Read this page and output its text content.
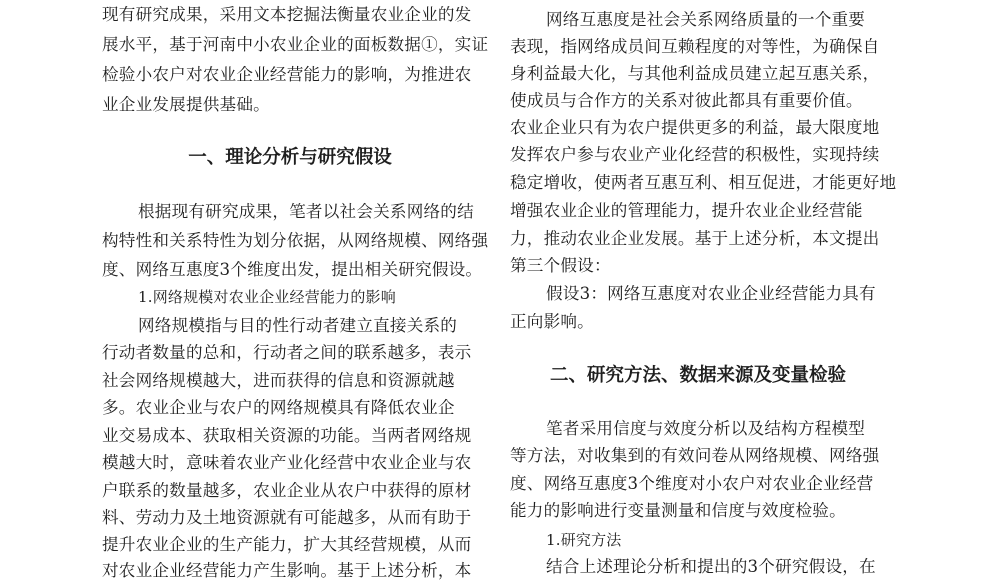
现有研究成果，采用文本挖掘法衡量农业企业的发
展水平，基于河南中小农业企业的面板数据①，实证
检验小农户对农业企业经营能力的影响，为推进农
业企业发展提供基础。
一、理论分析与研究假设
根据现有研究成果，笔者以社会关系网络的结
构特性和关系特性为划分依据，从网络规模、网络强
度、网络互惠度3个维度出发，提出相关研究假设。
1.网络规模对农业企业经营能力的影响
网络规模指与目的性行动者建立直接关系的
行动者数量的总和，行动者之间的联系越多，表示
社会网络规模越大，进而获得的信息和资源就越
多。农业企业与农户的网络规模具有降低农业企
业交易成本、获取相关资源的功能。当两者网络规
模越大时，意味着农业产业化经营中农业企业与农
户联系的数量越多，农业企业从农户中获得的原材
料、劳动力及土地资源就有可能越多，从而有助于
提升农业企业的生产能力，扩大其经营规模，从而
对农业企业经营能力产生影响。基于上述分析，本
网络互惠度是社会关系网络质量的一个重要
表现，指网络成员间互赖程度的对等性，为确保自
身利益最大化，与其他利益成员建立起互惠关系，
使成员与合作方的关系对彼此都具有重要价值。
农业企业只有为农户提供更多的利益，最大限度地
发挥农户参与农业产业化经营的积极性，实现持续
稳定增收，使两者互惠互利、相互促进，才能更好地
增强农业企业的管理能力，提升农业企业经营能
力，推动农业企业发展。基于上述分析，本文提出
第三个假设：
假设3：网络互惠度对农业企业经营能力具有
正向影响。
二、研究方法、数据来源及变量检验
笔者采用信度与效度分析以及结构方程模型
等方法，对收集到的有效问卷从网络规模、网络强
度、网络互惠度3个维度对小农户对农业企业经营
能力的影响进行变量测量和信度与效度检验。
1.研究方法
结合上述理论分析和提出的3个研究假设，在
